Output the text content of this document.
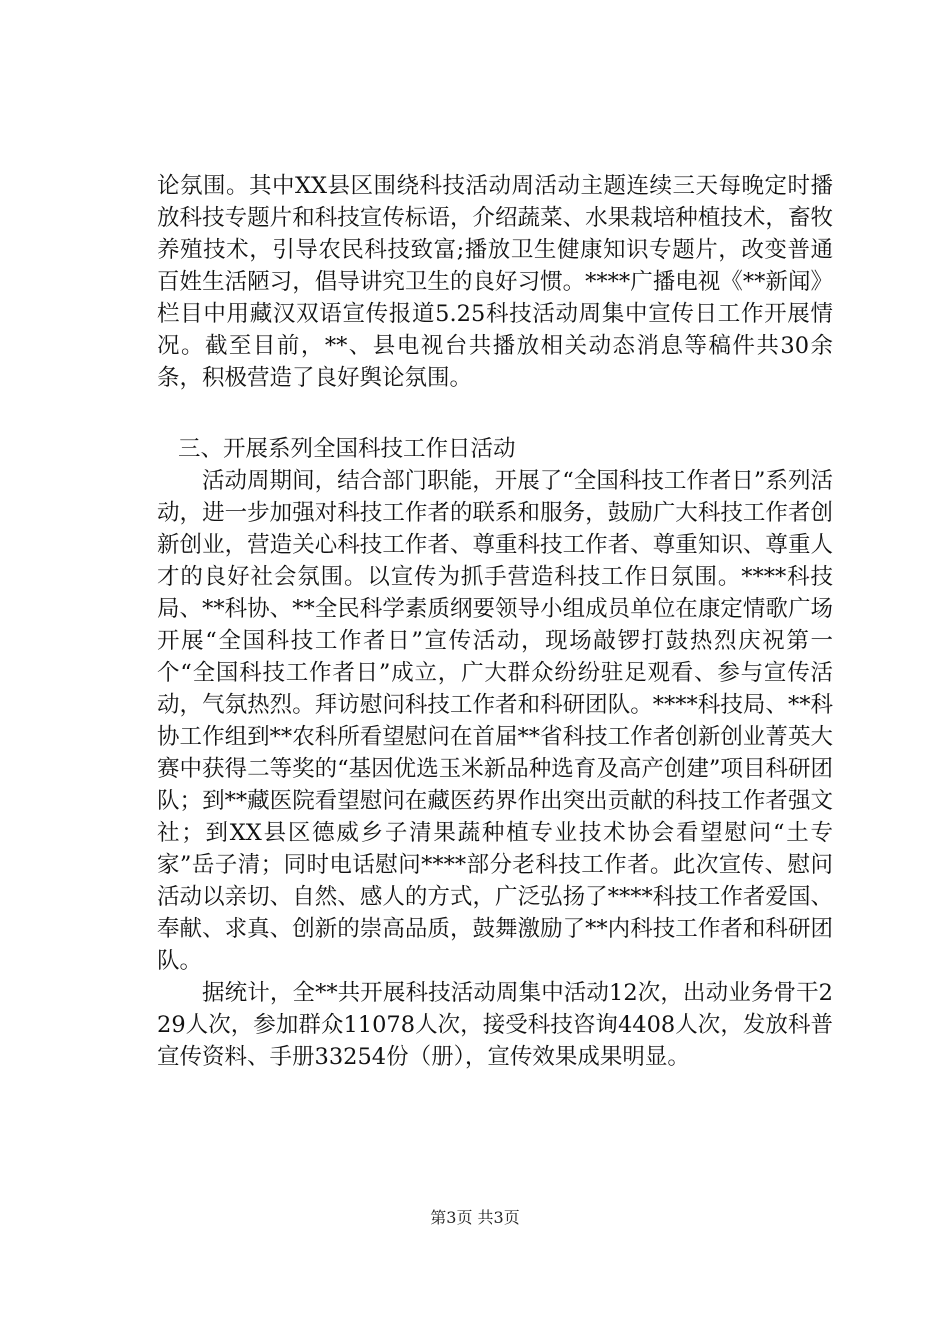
论氛围。其中XX县区围绕科技活动周活动主题连续三天每晚定时播放科技专题片和科技宣传标语，介绍蔬菜、水果栽培种植技术，畜牧养殖技术，引导农民科技致富;播放卫生健康知识专题片，改变普通百姓生活陋习，倡导讲究卫生的良好习惯。****广播电视《**新闻》栏目中用藏汉双语宣传报道5.25科技活动周集中宣传日工作开展情况。截至目前，**、县电视台共播放相关动态消息等稿件共30余条，积极营造了良好舆论氛围。

三、开展系列全国科技工作日活动

活动周期间，结合部门职能，开展了“全国科技工作者日”系列活动，进一步加强对科技工作者的联系和服务，鼓励广大科技工作者创新创业，营造关心科技工作者、尊重科技工作者、尊重知识、尊重人才的良好社会氛围。以宣传为抓手营造科技工作日氛围。****科技局、**科协、**全民科学素质纲要领导小组成员单位在康定情歌广场开展“全国科技工作者日”宣传活动，现场敲锣打鼓热烈庆祝第一个“全国科技工作者日”成立，广大群众纷纷驻足观看、参与宣传活动，气氛热烈。拜访慰问科技工作者和科研团队。****科技局、**科协工作组到**农科所看望慰问在首届**省科技工作者创新创业菁英大赛中获得二等奖的“基因优选玉米新品种选育及高产创建”项目科研团队；到**藏医院看望慰问在藏医药界作出突出贡献的科技工作者强文社；到XX县区德威乡子清果蔬种植专业技术协会看望慰问“土专家”岳子清；同时电话慰问****部分老科技工作者。此次宣传、慰问活动以亲切、自然、感人的方式，广泛弘扬了****科技工作者爱国、奉献、求真、创新的崇高品质，鼓舞激励了**内科技工作者和科研团队。

据统计，全**共开展科技活动周集中活动12次，出动业务骨干229人次，参加群众11078人次，接受科技咨询4408人次，发放科普宣传资料、手册33254份（册），宣传效果成果明显。

第3页 共3页
